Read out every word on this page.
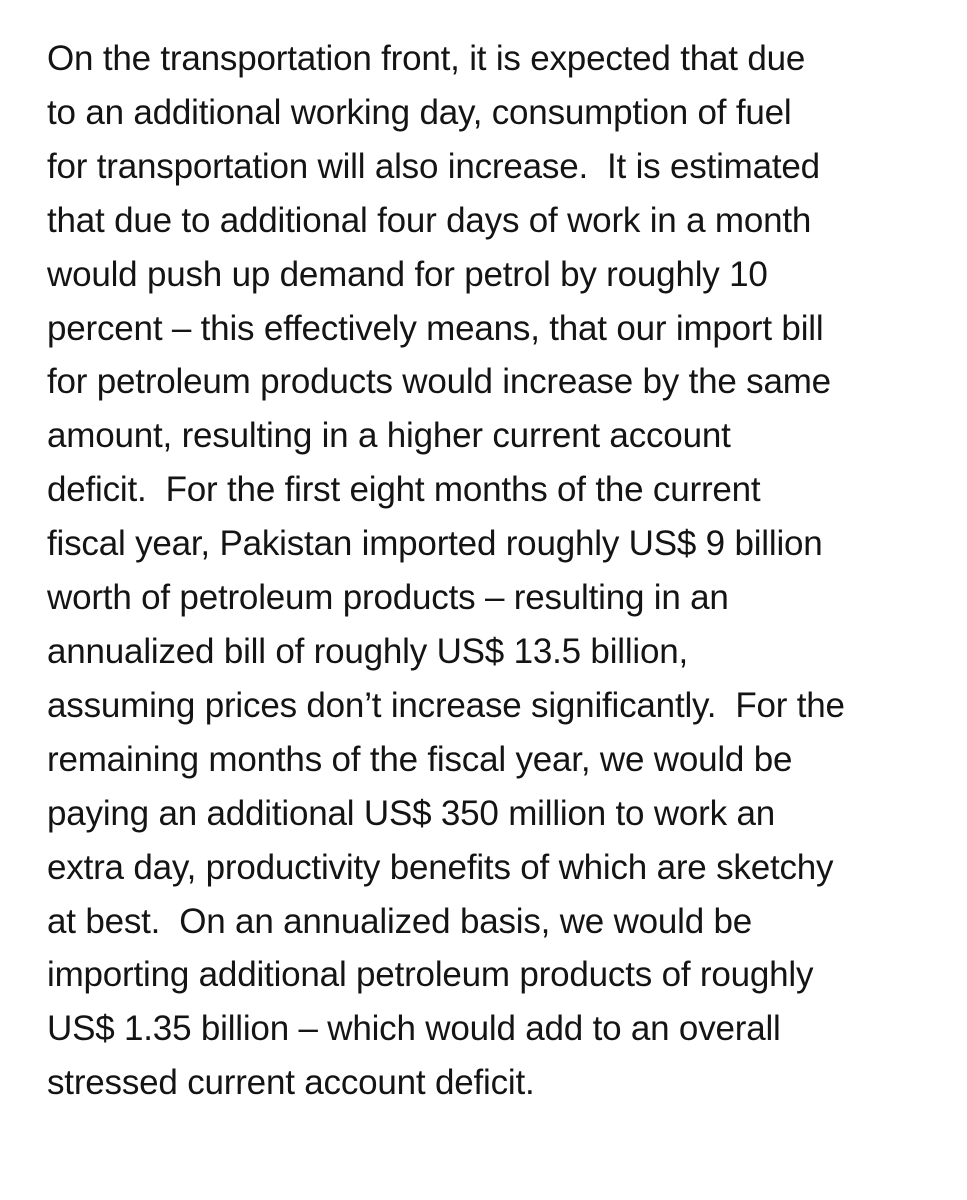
On the transportation front, it is expected that due
to an additional working day, consumption of fuel
for transportation will also increase.  It is estimated
that due to additional four days of work in a month
would push up demand for petrol by roughly 10
percent – this effectively means, that our import bill
for petroleum products would increase by the same
amount, resulting in a higher current account
deficit.  For the first eight months of the current
fiscal year, Pakistan imported roughly US$ 9 billion
worth of petroleum products – resulting in an
annualized bill of roughly US$ 13.5 billion,
assuming prices don’t increase significantly.  For the
remaining months of the fiscal year, we would be
paying an additional US$ 350 million to work an
extra day, productivity benefits of which are sketchy
at best.  On an annualized basis, we would be
importing additional petroleum products of roughly
US$ 1.35 billion – which would add to an overall
stressed current account deficit.
